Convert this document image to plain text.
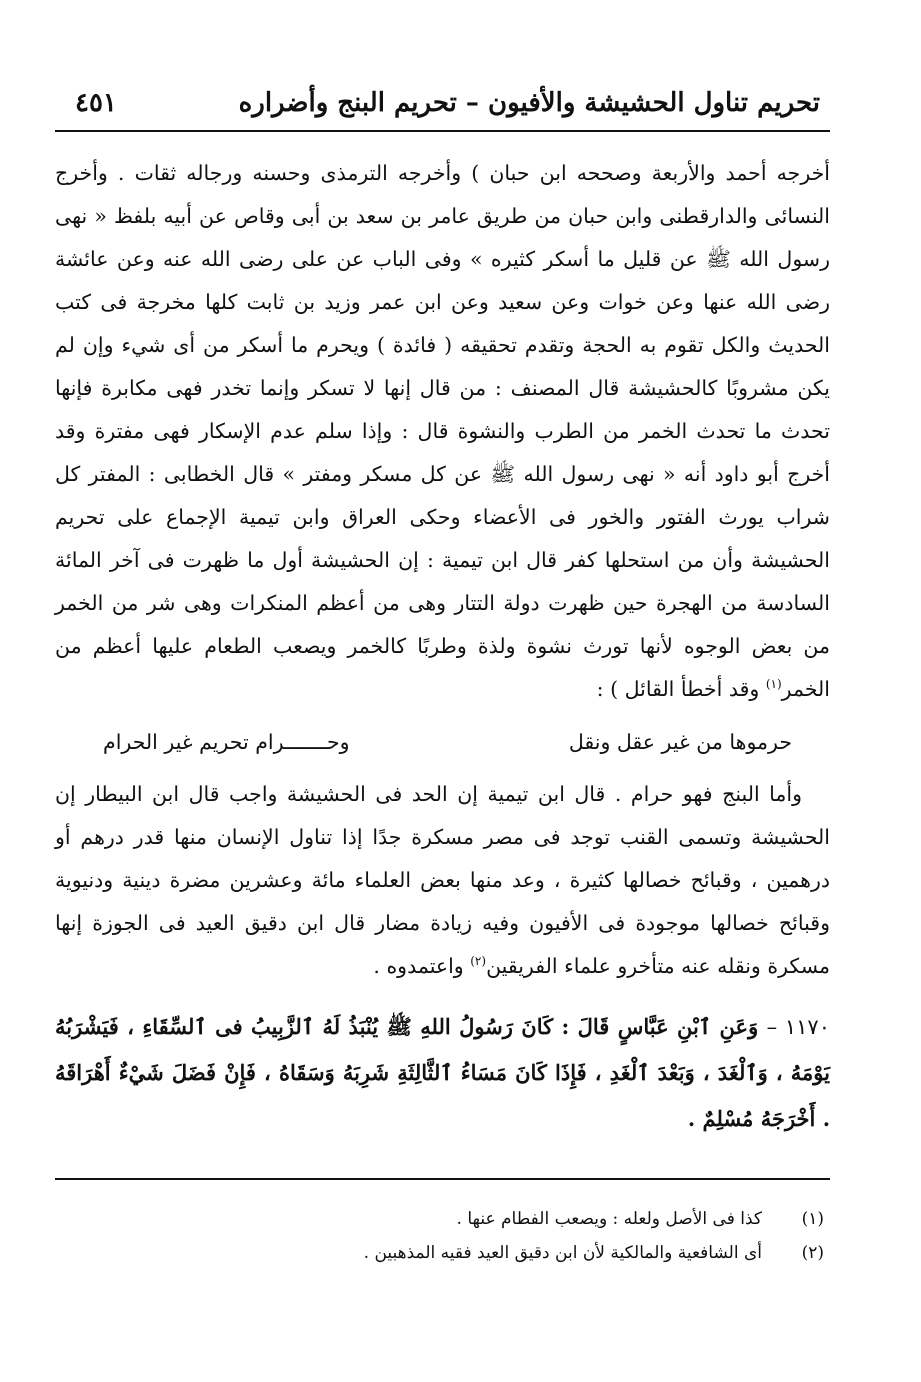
تحريم تناول الحشيشة والأفيون – تحريم البنج وأضراره
٤٥١

أخرجه أحمد والأربعة وصححه ابن حبان ) وأخرجه الترمذى وحسنه ورجاله ثقات . وأخرج النسائى والدارقطنى وابن حبان من طريق عامر بن سعد بن أبى وقاص عن أبيه بلفظ « نهى رسول الله ﷺ عن قليل ما أسكر كثيره » وفى الباب عن على رضى الله عنه وعن عائشة رضى الله عنها وعن خوات وعن سعيد وعن ابن عمر وزيد بن ثابت كلها مخرجة فى كتب الحديث والكل تقوم به الحجة وتقدم تحقيقه ( فائدة ) ويحرم ما أسكر من أى شيء وإن لم يكن مشروبًا كالحشيشة قال المصنف : من قال إنها لا تسكر وإنما تخدر فهى مكابرة فإنها تحدث ما تحدث الخمر من الطرب والنشوة قال : وإذا سلم عدم الإسكار فهى مفترة وقد أخرج أبو داود أنه « نهى رسول الله ﷺ عن كل مسكر ومفتر » قال الخطابى : المفتر كل شراب يورث الفتور والخور فى الأعضاء وحكى العراق وابن تيمية الإجماع على تحريم الحشيشة وأن من استحلها كفر قال ابن تيمية : إن الحشيشة أول ما ظهرت فى آخر المائة السادسة من الهجرة حين ظهرت دولة التتار وهى من أعظم المنكرات وهى شر من الخمر من بعض الوجوه لأنها تورث نشوة ولذة وطربًا كالخمر ويصعب الطعام عليها أعظم من الخمر$^{(١)}$ وقد أخطأ القائل ) :

حرموها من غير عقل ونقل
وحـــــــرام تحريم غير الحرام

وأما البنج فهو حرام . قال ابن تيمية إن الحد فى الحشيشة واجب قال ابن البيطار إن الحشيشة وتسمى القنب توجد فى مصر مسكرة جدًا إذا تناول الإنسان منها قدر درهم أو درهمين ، وقبائح خصالها كثيرة ، وعد منها بعض العلماء مائة وعشرين مضرة دينية ودنيوية وقبائح خصالها موجودة فى الأفيون وفيه زيادة مضار قال ابن دقيق العيد فى الجوزة إنها مسكرة ونقله عنه متأخرو علماء الفريقين$^{(٢)}$ واعتمدوه .

١١٧٠ – وَعَنِ ٱبْنِ عَبَّاسٍ قَالَ : كَانَ رَسُولُ اللهِ ﷺ يُنْبَذُ لَهُ ٱلزَّبِيبُ فى ٱلسِّقَاءِ ، فَيَشْرَبُهُ يَوْمَهُ ، وَٱلْغَدَ ، وَبَعْدَ ٱلْغَدِ ، فَإِذَا كَانَ مَسَاءُ ٱلثَّالِثَةِ شَرِبَهُ وَسَقَاهُ ، فَإِنْ فَضَلَ شَيْءٌ أَهْرَاقَهُ . أَخْرَجَهُ مُسْلِمٌ .
(١)
كذا فى الأصل ولعله : ويصعب الفطام عنها .
(٢)
أى الشافعية والمالكية لأن ابن دقيق العيد فقيه المذهبين .
